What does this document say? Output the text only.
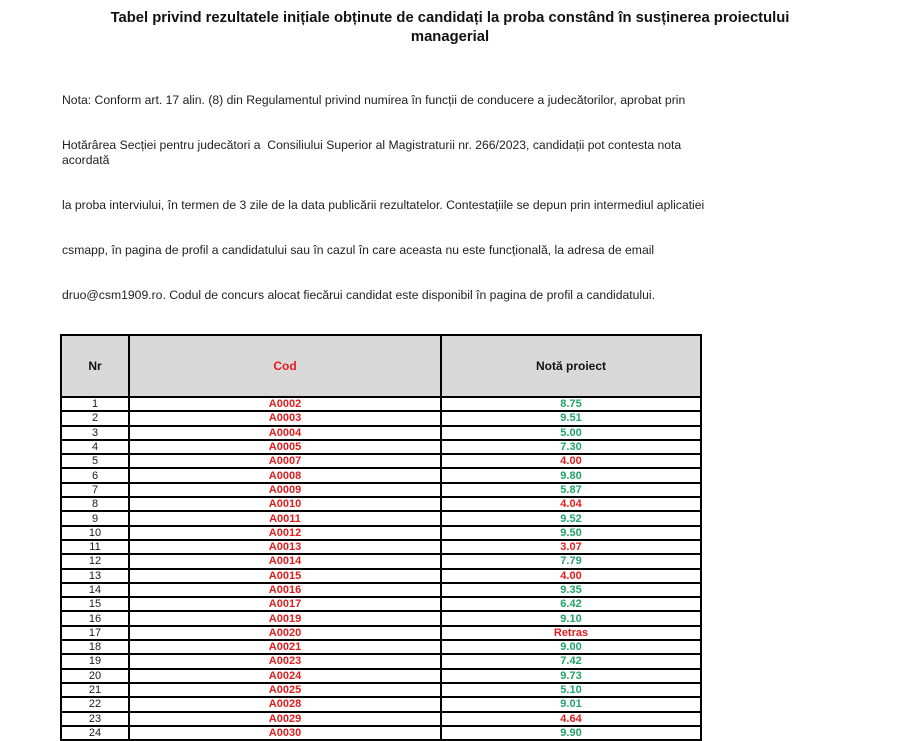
Tabel privind rezultatele inițiale obținute de candidați la proba constând în susținerea proiectului
managerial

Nota: Conform art. 17 alin. (8) din Regulamentul privind numirea în funcții de conducere a judecătorilor, aprobat prin

Hotărârea Secției pentru judecători a  Consiliului Superior al Magistraturii nr. 266/2023, candidații pot contesta nota acordată

la proba interviului, în termen de 3 zile de la data publicării rezultatelor. Contestațiile se depun prin intermediul aplicatiei

csmapp, în pagina de profil a candidatului sau în cazul în care aceasta nu este funcțională, la adresa de email

druo@csm1909.ro. Codul de concurs alocat fiecărui candidat este disponibil în pagina de profil a candidatului.

Nr	Cod	Notă proiect
1	A0002	8.75
2	A0003	9.51
3	A0004	5.00
4	A0005	7.30
5	A0007	4.00
6	A0008	9.80
7	A0009	5.87
8	A0010	4.04
9	A0011	9.52
10	A0012	9.50
11	A0013	3.07
12	A0014	7.79
13	A0015	4.00
14	A0016	9.35
15	A0017	6.42
16	A0019	9.10
17	A0020	Retras
18	A0021	9.00
19	A0023	7.42
20	A0024	9.73
21	A0025	5.10
22	A0028	9.01
23	A0029	4.64
24	A0030	9.90
